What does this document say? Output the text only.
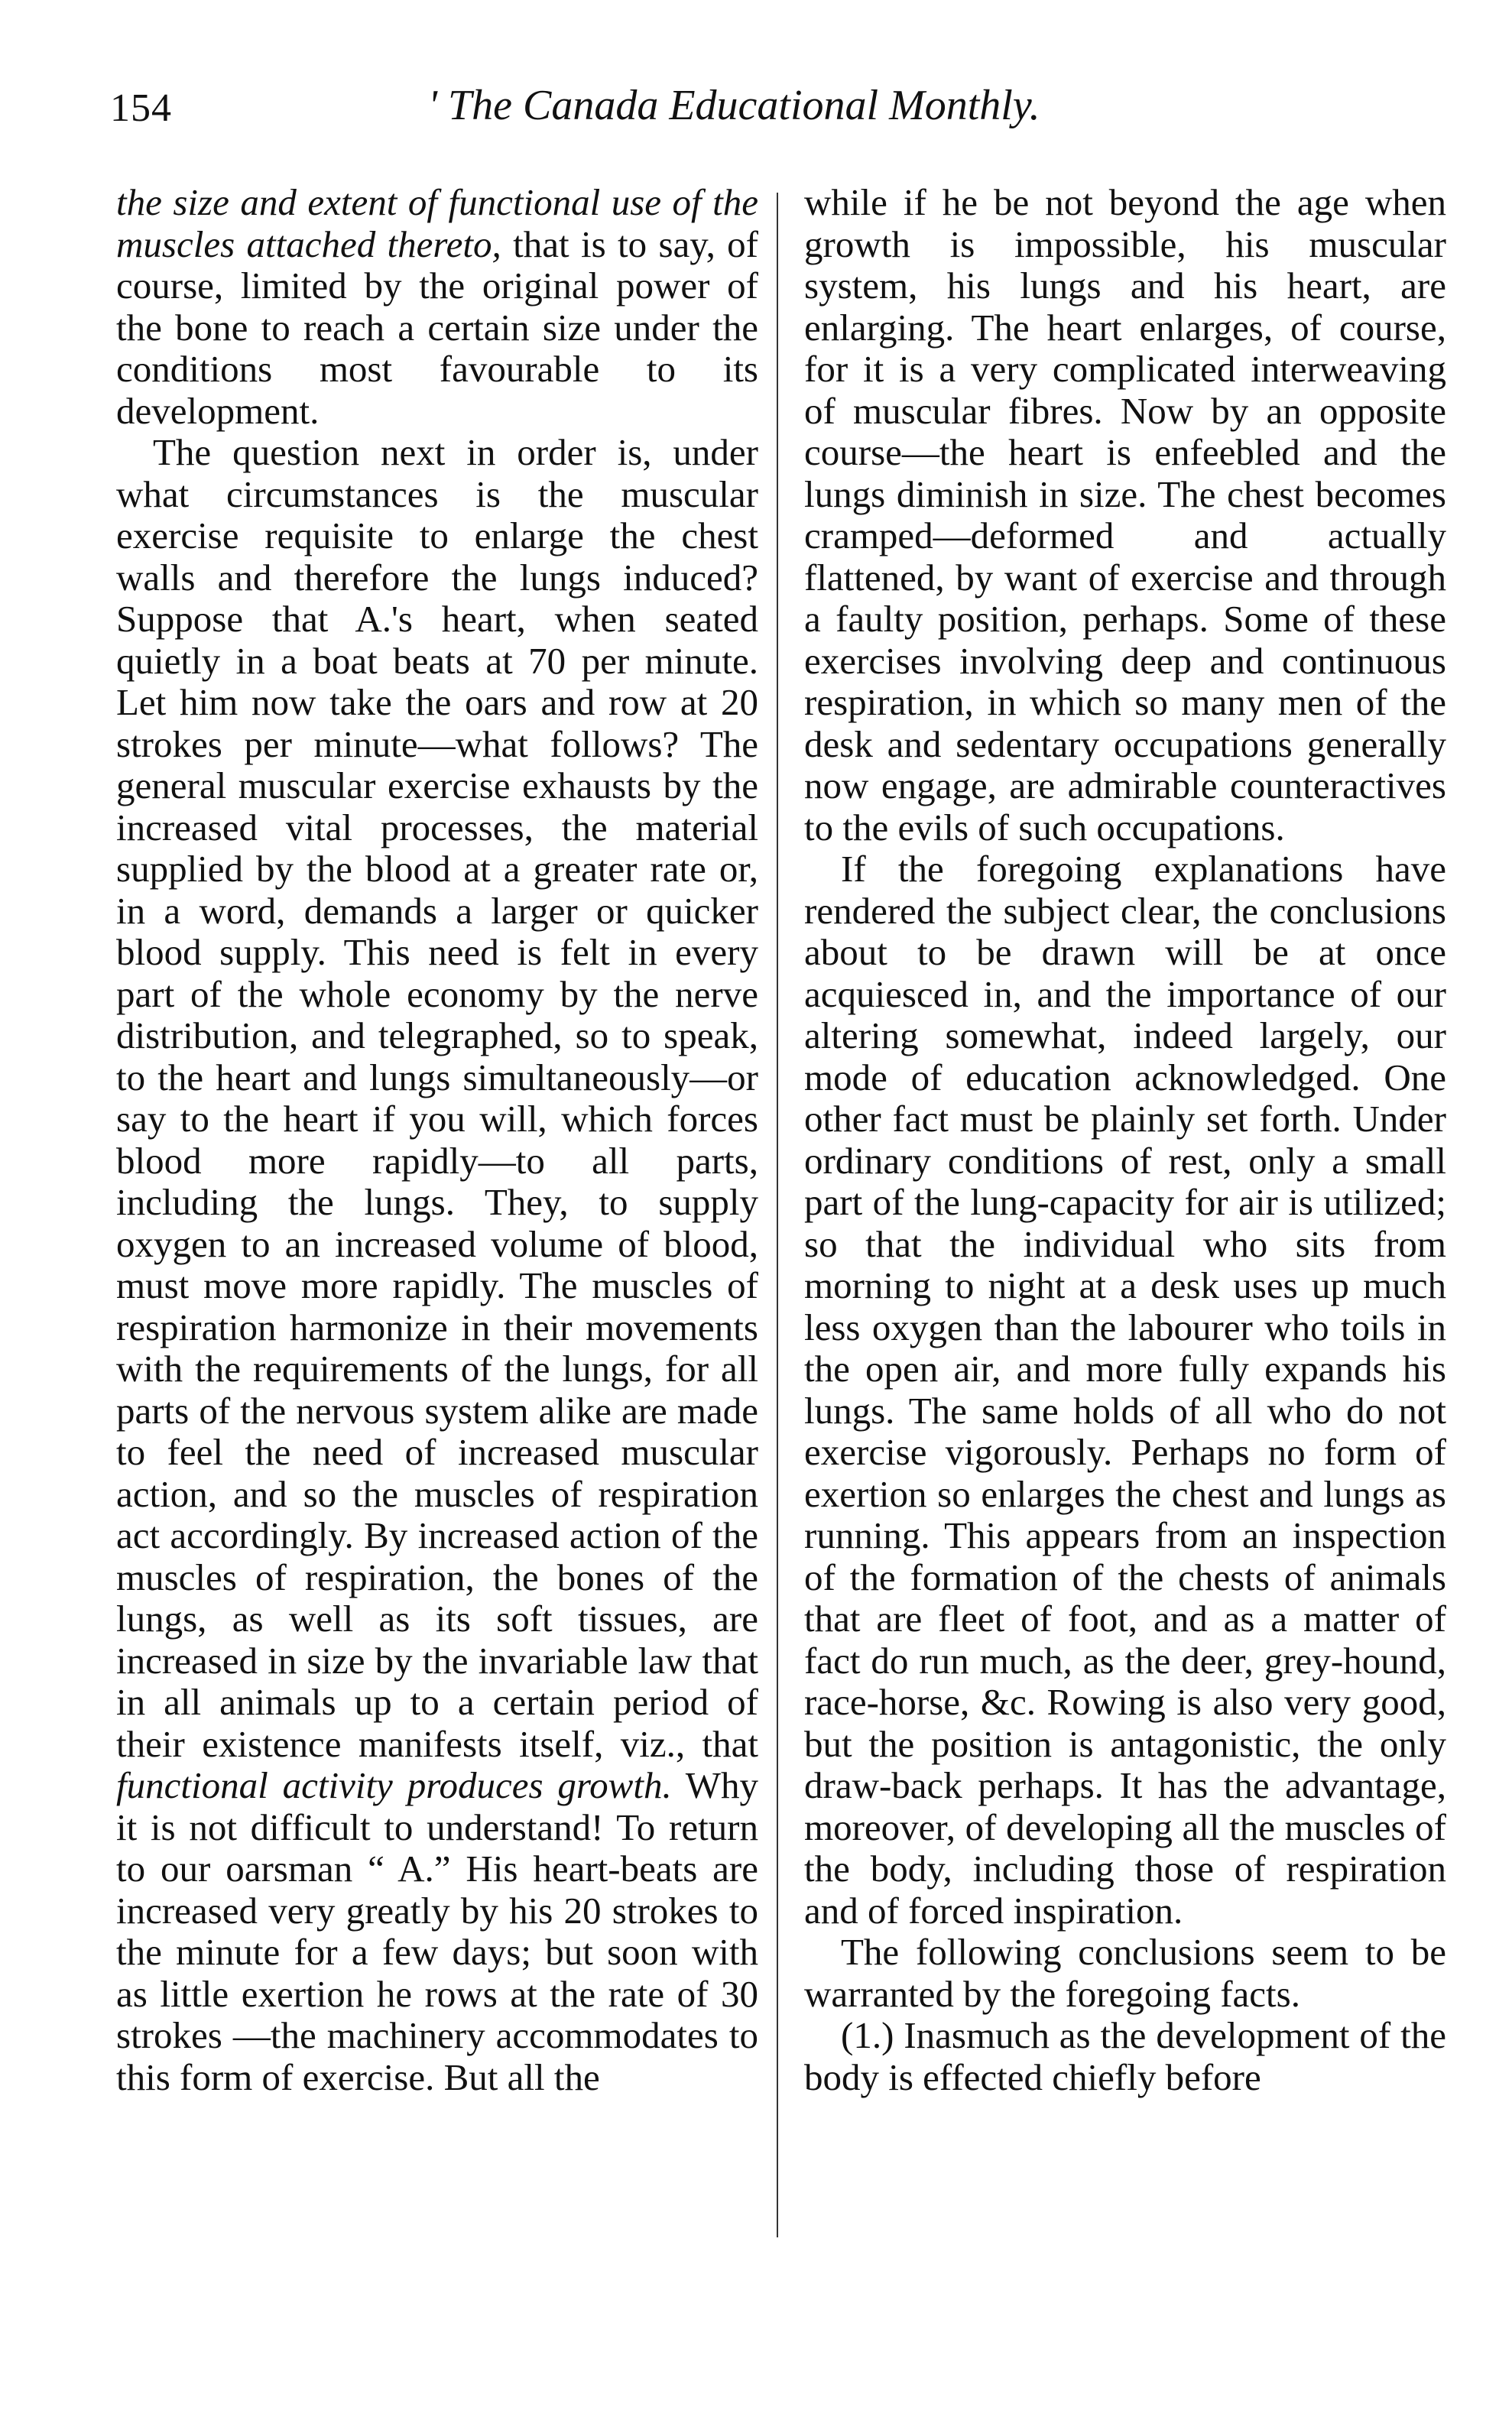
154	' The Canada Educational Monthly.

the size and extent of functional use of the muscles attached thereto, that is to say, of course, limited by the original power of the bone to reach a certain size under the conditions most favourable to its development.

The question next in order is, under what circumstances is the muscular exercise requisite to enlarge the chest walls and therefore the lungs induced? Suppose that A.'s heart, when seated quietly in a boat beats at 70 per minute. Let him now take the oars and row at 20 strokes per minute—what follows? The general muscular exercise exhausts by the increased vital processes, the material supplied by the blood at a greater rate or, in a word, demands a larger or quicker blood supply. This need is felt in every part of the whole economy by the nerve distribution, and telegraphed, so to speak, to the heart and lungs simultaneously—or say to the heart if you will, which forces blood more rapidly—to all parts, including the lungs. They, to supply oxygen to an increased volume of blood, must move more rapidly. The muscles of respiration harmonize in their movements with the requirements of the lungs, for all parts of the nervous system alike are made to feel the need of increased muscular action, and so the muscles of respiration act accordingly. By increased action of the muscles of respiration, the bones of the lungs, as well as its soft tissues, are increased in size by the invariable law that in all animals up to a certain period of their existence manifests itself, viz., that functional activity produces growth. Why it is not difficult to understand! To return to our oarsman “ A.” His heart-beats are increased very greatly by his 20 strokes to the minute for a few days; but soon with as little exertion he rows at the rate of 30 strokes —the machinery accommodates to this form of exercise. But all the

while if he be not beyond the age when growth is impossible, his muscular system, his lungs and his heart, are enlarging. The heart enlarges, of course, for it is a very complicated interweaving of muscular fibres. Now by an opposite course—the heart is enfeebled and the lungs diminish in size. The chest becomes cramped—deformed and actually flattened, by want of exercise and through a faulty position, perhaps. Some of these exercises involving deep and continuous respiration, in which so many men of the desk and sedentary occupations generally now engage, are admirable counteractives to the evils of such occupations.

If the foregoing explanations have rendered the subject clear, the conclusions about to be drawn will be at once acquiesced in, and the importance of our altering somewhat, indeed largely, our mode of education acknowledged. One other fact must be plainly set forth. Under ordinary conditions of rest, only a small part of the lung-capacity for air is utilized; so that the individual who sits from morning to night at a desk uses up much less oxygen than the labourer who toils in the open air, and more fully expands his lungs. The same holds of all who do not exercise vigorously. Perhaps no form of exertion so enlarges the chest and lungs as running. This appears from an inspection of the formation of the chests of animals that are fleet of foot, and as a matter of fact do run much, as the deer, grey-hound, race-horse, &c. Rowing is also very good, but the position is antagonistic, the only draw-back perhaps. It has the advantage, moreover, of developing all the muscles of the body, including those of respiration and of forced inspiration.

The following conclusions seem to be warranted by the foregoing facts.

(1.) Inasmuch as the development of the body is effected chiefly before
